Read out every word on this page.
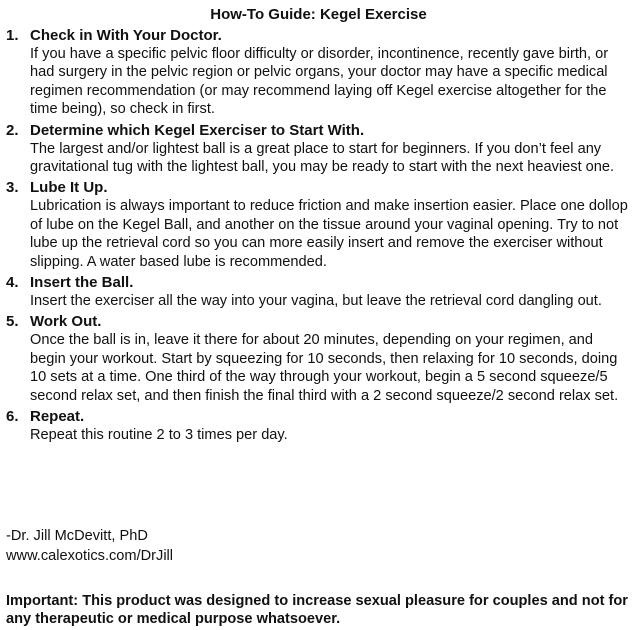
How-To Guide: Kegel Exercise
1. Check in With Your Doctor.
If you have a specific pelvic floor difficulty or disorder, incontinence, recently gave birth, or had surgery in the pelvic region or pelvic organs, your doctor may have a specific medical regimen recommendation (or may recommend laying off Kegel exercise altogether for the time being), so check in first.
2. Determine which Kegel Exerciser to Start With.
The largest and/or lightest ball is a great place to start for beginners. If you don’t feel any gravitational tug with the lightest ball, you may be ready to start with the next heaviest one.
3. Lube It Up.
Lubrication is always important to reduce friction and make insertion easier. Place one dollop of lube on the Kegel Ball, and another on the tissue around your vaginal opening. Try to not lube up the retrieval cord so you can more easily insert and remove the exerciser without slipping. A water based lube is recommended.
4. Insert the Ball.
Insert the exerciser all the way into your vagina, but leave the retrieval cord dangling out.
5. Work Out.
Once the ball is in, leave it there for about 20 minutes, depending on your regimen, and begin your workout. Start by squeezing for 10 seconds, then relaxing for 10 seconds, doing 10 sets at a time. One third of the way through your workout, begin a 5 second squeeze/5 second relax set, and then finish the final third with a 2 second squeeze/2 second relax set.
6. Repeat.
Repeat this routine 2 to 3 times per day.
-Dr. Jill McDevitt, PhD
www.calexotics.com/DrJill
Important: This product was designed to increase sexual pleasure for couples and not for any therapeutic or medical purpose whatsoever.
